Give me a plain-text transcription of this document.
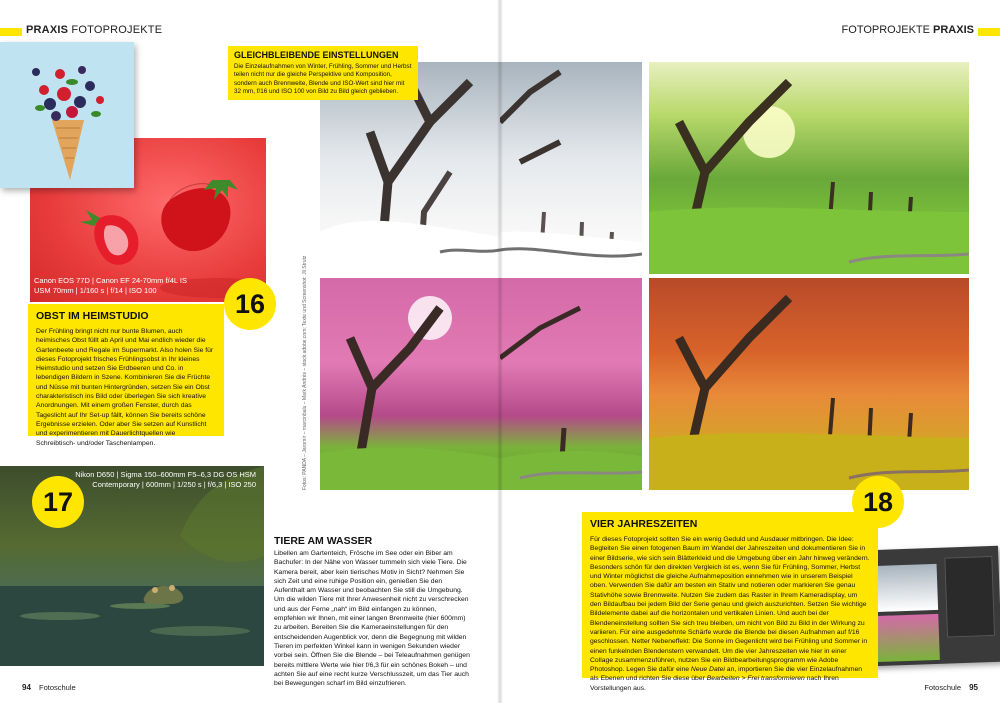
PRAXIS FOTOPROJEKTE
Canon EOS 77D | Canon EF 24-70mm f/4L IS
USM 70mm | 1/160 s | f/14 | ISO 100	16
OBST IM HEIMSTUDIO

Der Frühling bringt nicht nur bunte Blumen, auch heimisches Obst füllt ab April und Mai endlich wieder die Gartenbeete und Regale im Supermarkt. Also holen Sie für dieses Fotoprojekt frisches Frühlingsobst in Ihr kleines Heimstudio und setzen Sie Erdbeeren und Co. in lebendigen Bildern in Szene. Kombinieren Sie die Früchte und Nüsse mit bunten Hintergründen, setzen Sie ein Obst charakteristisch ins Bild oder überlegen Sie sich kreative Anordnungen. Mit einem großen Fenster, durch das Tageslicht auf Ihr Set-up fällt, können Sie bereits schöne Ergebnisse erzielen. Oder aber Sie setzen auf Kunstlicht und experimentieren mit Dauerlichtquellen wie Schreibtisch- und/oder Taschenlampen.

Nikon D650 | Sigma 150–600mm F5–6,3 DG OS HSM
Contemporary | 600mm | 1/250 s | f/6,3 | ISO 250
17
TIERE AM WASSER
Libellen am Gartenteich, Frösche im See oder ein Biber am Bachufer: In der Nähe von Wasser tummeln sich viele Tiere. Die Kamera bereit, aber kein tierisches Motiv in Sicht? Nehmen Sie sich Zeit und eine ruhige Position ein, genießen Sie den Aufenthalt am Wasser und beobachten Sie still die Umgebung. Um die wilden Tiere mit Ihrer Anwesenheit nicht zu verschrecken und aus der Ferne „nah“ im Bild einfangen zu können, empfehlen wir Ihnen, mit einer langen Brennweite (hier 600mm) zu arbeiten. Bereiten Sie die Kameraeinstellungen für den entscheidenden Augenblick vor, denn die Begegnung mit wilden Tieren im perfekten Winkel kann in wenigen Sekunden wieder vorbei sein. Öffnen Sie die Blende – bei Teleaufnahmen genügen bereits mittlere Werte wie hier f/6,3 für ein schönes Bokeh – und achten Sie auf eine recht kurze Verschlusszeit, um das Tier auch bei Bewegungen scharf im Bild einzufrieren.
GLEICHBLEIBENDE EINSTELLUNGEN

Die Einzelaufnahmen von Winter, Frühling, Sommer und Herbst teilen nicht nur die gleiche Perspektive und Komposition, sondern auch Brennweite, Blende und ISO-Wert sind hier mit 32 mm, f/16 und ISO 100 von Bild zu Bild gleich geblieben.

Fotos: PANDA – Jaromír – marcinbalu – Mark Andrés – stock.adobe.com; Texte und Screenshot: Jil Strutz
94 Fotoschule
FOTOPROJEKTE PRAXIS
18
VIER JAHRESZEITEN

Für dieses Fotoprojekt sollten Sie ein wenig Geduld und Ausdauer mitbringen. Die Idee: Begleiten Sie einen fotogenen Baum im Wandel der Jahreszeiten und dokumentieren Sie in einer Bildserie, wie sich sein Blätterkleid und die Umgebung über ein Jahr hinweg verändern. Besonders schön für den direkten Vergleich ist es, wenn Sie für Frühling, Sommer, Herbst und Winter möglichst die gleiche Aufnahmeposition einnehmen wie in unserem Beispiel oben. Verwenden Sie dafür am besten ein Stativ und notieren oder markieren Sie genau Stativhöhe sowie Brennweite. Nutzen Sie zudem das Raster in Ihrem Kameradisplay, um den Bildaufbau bei jedem Bild der Serie genau und gleich auszurichten. Setzen Sie wichtige Bildelemente dabei auf die horizontalen und vertikalen Linien. Und auch bei der Blendeneinstellung sollten Sie sich treu bleiben, um nicht von Bild zu Bild in der Wirkung zu variieren. Für eine ausgedehnte Schärfe wurde die Blende bei diesen Aufnahmen auf f/16 geschlossen. Netter Nebeneffekt: Die Sonne im Gegenlicht wird bei Frühling und Sommer in einen funkelnden Blendenstern verwandelt. Um die vier Jahreszeiten wie hier in einer Collage zusammenzuführen, nutzen Sie ein Bildbearbeitungsprogramm wie Adobe Photoshop. Legen Sie dafür eine Neue Datei an, importieren Sie die vier Einzelaufnahmen als Ebenen und richten Sie diese über Bearbeiten > Frei transformieren nach Ihren Vorstellungen aus.	Fotoschule 95
